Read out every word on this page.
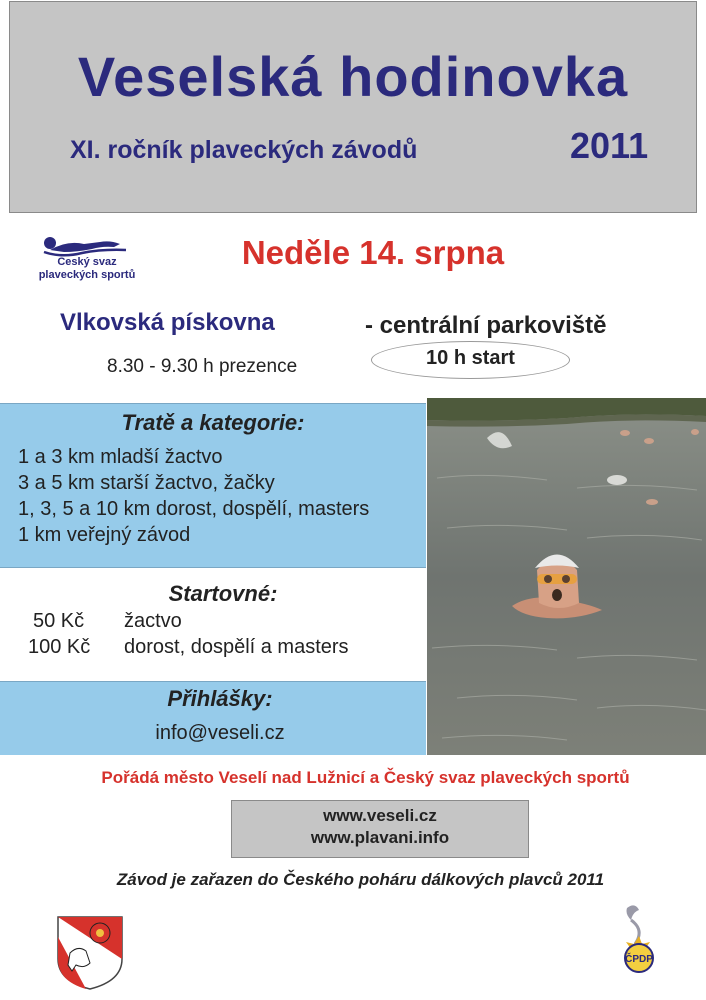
Veselská hodinovka
XI. ročník plaveckých závodů	2011
Český svaz
plaveckých sportů
Neděle 14. srpna
Vlkovská pískovna	- centrální parkoviště
8.30 - 9.30 h prezence	10 h start
Tratě a kategorie:
1 a 3 km mladší žactvo
3 a 5 km starší žactvo, žačky
1, 3, 5 a 10 km dorost, dospělí, masters
1 km veřejný závod
Startovné:
50 Kč žactvo
100 Kč dorost, dospělí a masters
Přihlášky:
info@veseli.cz
Pořádá město Veselí nad Lužnicí a Český svaz plaveckých sportů
www.veseli.cz
www.plavani.info
Závod je zařazen do Českého poháru dálkových plavců 2011
ČPDP
